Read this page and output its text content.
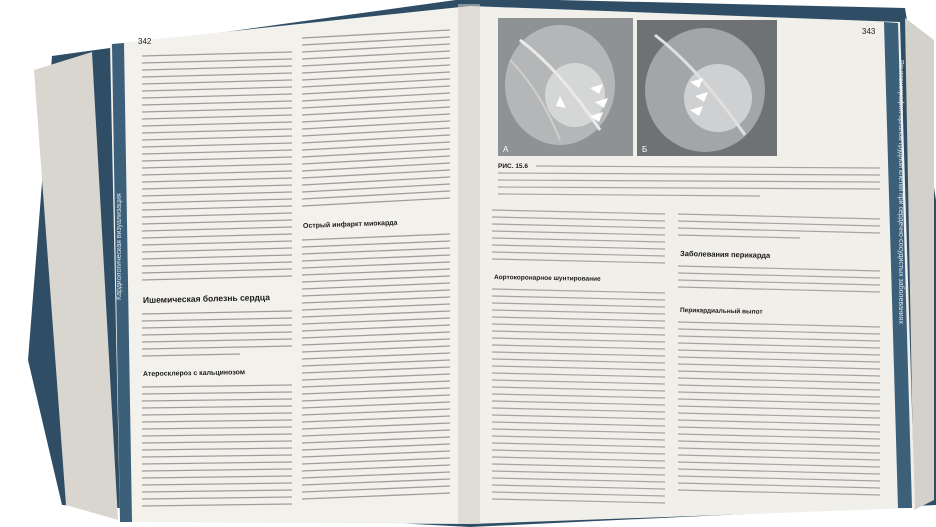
Кардиологическая визуализация	Рентгенография органов грудной клетки при сердечно-сосудистых заболеваниях
342
343
Ишемическая болезнь сердца
Атеросклероз с кальцинозом
Острый инфаркт миокарда
A	Б
РИС. 15.6
Аортокоронарное шунтирование
Заболевания перикарда
Перикардиальный выпот
